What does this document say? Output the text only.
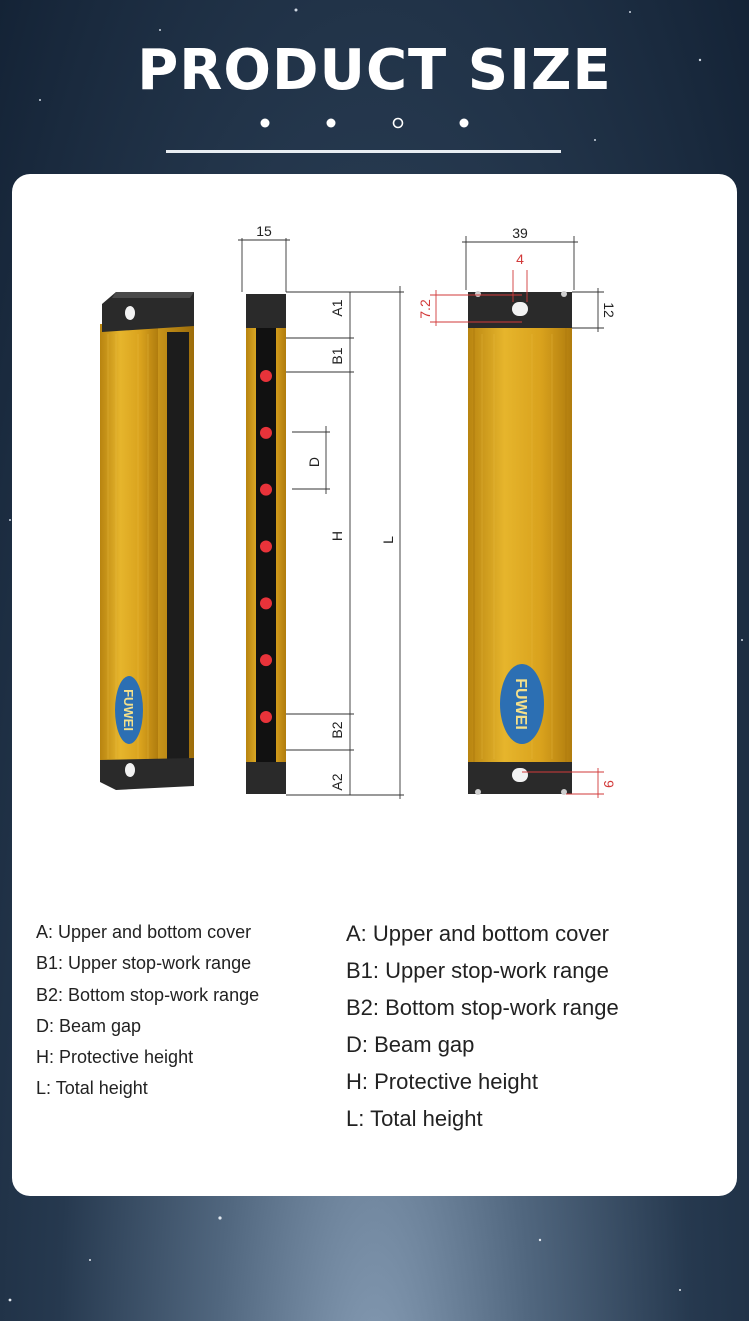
PRODUCT SIZE
FUWEI
15
A1
B1
D
H	L
B2
A2
FUWEI
39
4
7.2	12
9
A: Upper and bottom cover
B1: Upper stop-work range
B2: Bottom stop-work range
D: Beam gap
H: Protective height
L: Total height
A: Upper and bottom cover
B1: Upper stop-work range
B2: Bottom stop-work range
D: Beam gap
H: Protective height
L: Total height
